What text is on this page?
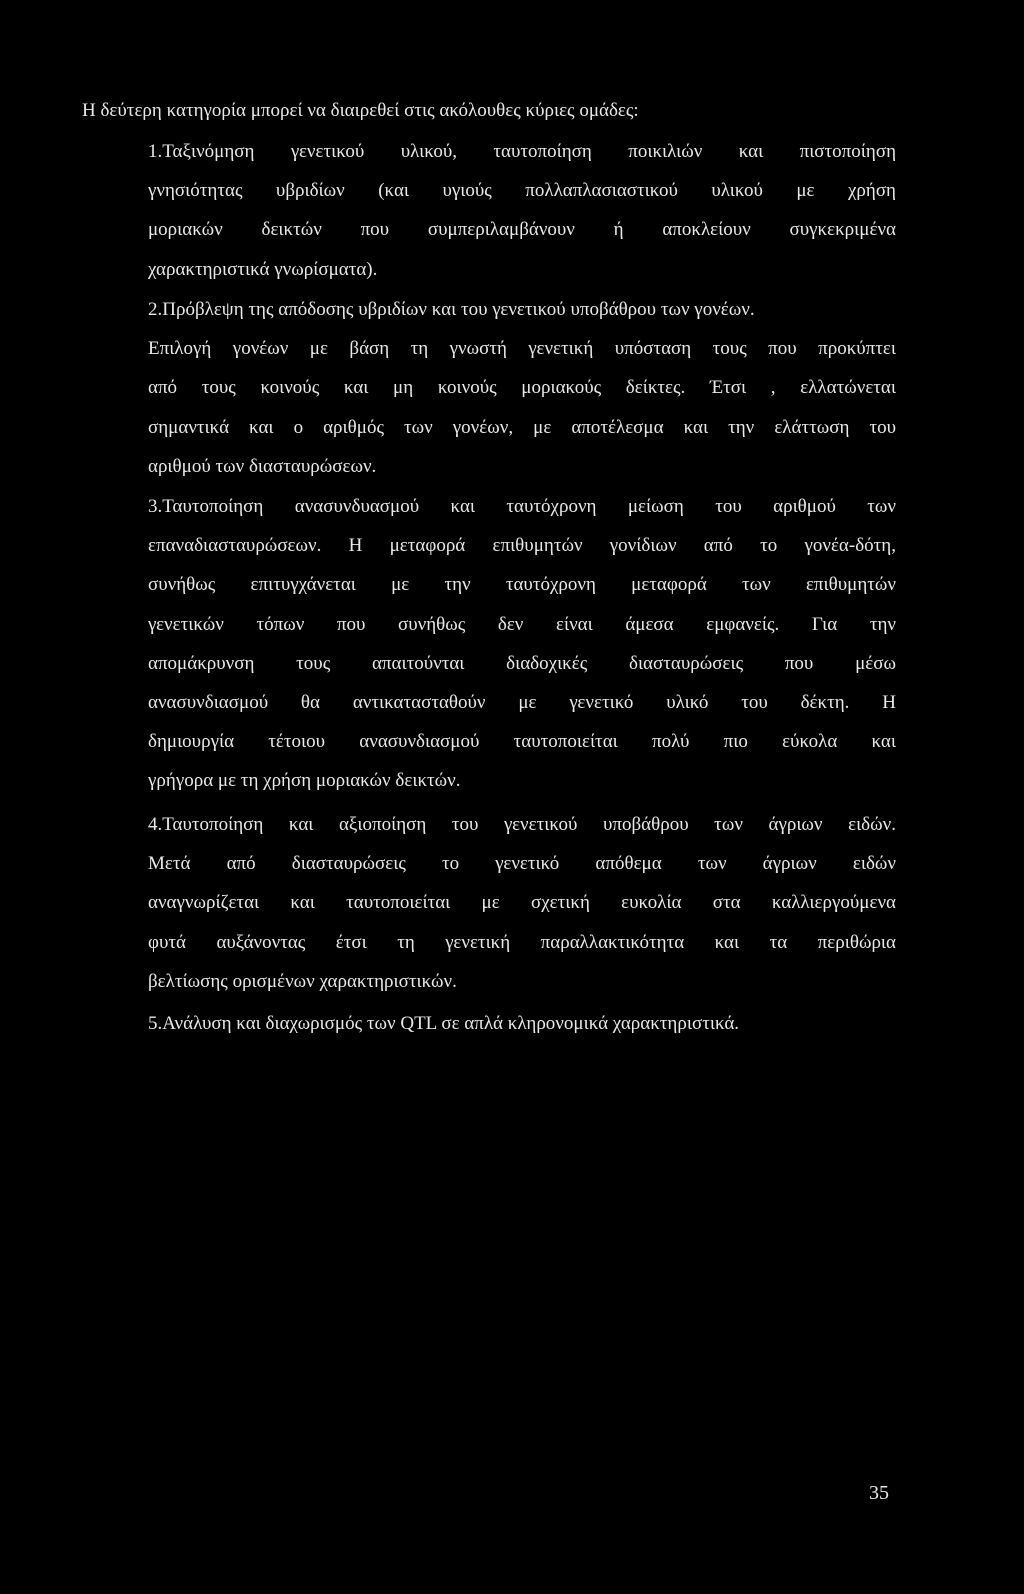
Η δεύτερη κατηγορία μπορεί να διαιρεθεί στις ακόλουθες κύριες ομάδες:

1.Ταξινόμηση γενετικού υλικού, ταυτοποίηση ποικιλιών και πιστοποίηση
γνησιότητας υβριδίων (και υγιούς πολλαπλασιαστικού υλικού με χρήση
μοριακών δεικτών που συμπεριλαμβάνουν ή αποκλείουν συγκεκριμένα
χαρακτηριστικά γνωρίσματα).
2.Πρόβλεψη της απόδοσης υβριδίων και του γενετικού υποβάθρου των γονέων.
Επιλογή γονέων με βάση τη γνωστή γενετική υπόσταση τους που προκύπτει
από τους κοινούς και μη κοινούς μοριακούς δείκτες. Έτσι , ελλατώνεται
σημαντικά και ο αριθμός των γονέων, με αποτέλεσμα και την ελάττωση του
αριθμού των διασταυρώσεων.
3.Ταυτοποίηση ανασυνδυασμού και ταυτόχρονη μείωση του αριθμού των
επαναδιασταυρώσεων. Η μεταφορά επιθυμητών γονίδιων από το γονέα-δότη,
συνήθως επιτυγχάνεται με την ταυτόχρονη μεταφορά των επιθυμητών
γενετικών τόπων που συνήθως δεν είναι άμεσα εμφανείς. Για την
απομάκρυνση τους απαιτούνται διαδοχικές διασταυρώσεις που μέσω
ανασυνδιασμού θα αντικατασταθούν με γενετικό υλικό του δέκτη. Η
δημιουργία τέτοιου ανασυνδιασμού ταυτοποιείται πολύ πιο εύκολα και
γρήγορα με τη χρήση μοριακών δεικτών.
4.Ταυτοποίηση και αξιοποίηση του γενετικού υποβάθρου των άγριων ειδών.
Μετά από διασταυρώσεις το γενετικό απόθεμα των άγριων ειδών
αναγνωρίζεται και ταυτοποιείται με σχετική ευκολία στα καλλιεργούμενα
φυτά αυξάνοντας έτσι τη γενετική παραλλακτικότητα και τα περιθώρια
βελτίωσης ορισμένων χαρακτηριστικών.

5.Ανάλυση και διαχωρισμός των QTL σε απλά κληρονομικά χαρακτηριστικά.

35
